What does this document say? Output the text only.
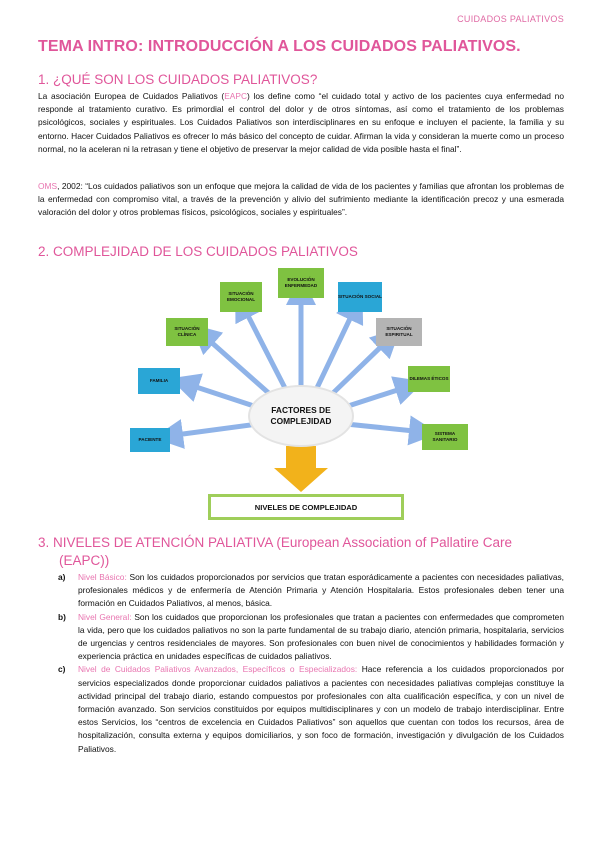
CUIDADOS PALIATIVOS
TEMA INTRO: INTRODUCCIÓN A LOS CUIDADOS PALIATIVOS.
1. ¿QUÉ SON LOS CUIDADOS PALIATIVOS?

La asociación Europea de Cuidados Paliativos (EAPC) los define como “el cuidado total y activo de los pacientes cuya enfermedad no responde al tratamiento curativo. Es primordial el control del dolor y de otros síntomas, así como el tratamiento de los problemas psicológicos, sociales y espirituales. Los Cuidados Paliativos son interdisciplinares en su enfoque e incluyen el paciente, la familia y su entorno. Hacer Cuidados Paliativos es ofrecer lo más básico del concepto de cuidar. Afirman la vida y consideran la muerte como un proceso normal, no la aceleran ni la retrasan y tiene el objetivo de preservar la mejor calidad de vida posible hasta el final”.

OMS, 2002: “Los cuidados paliativos son un enfoque que mejora la calidad de vida de los pacientes y familias que afrontan los problemas de la enfermedad con compromiso vital, a través de la prevención y alivio del sufrimiento mediante la identificación precoz y una esmerada valoración del dolor y otros problemas físicos, psicológicos, sociales y espirituales”.

2. COMPLEJIDAD DE LOS CUIDADOS PALIATIVOS
PACIENTE
FAMILIA
SITUACIÓN CLÍNICA
SITUACIÓN EMOCIONAL
EVOLUCIÓN ENFERMEDAD
SITUACIÓN SOCIAL
SITUACIÓN ESPIRITUAL
DILEMAS ÉTICOS
SISTEMA SANITARIO
FACTORES DE COMPLEJIDAD
NIVELES DE COMPLEJIDAD
3. NIVELES DE ATENCIÓN PALIATIVA (European Association of Pallatire Care
(EAPC))
a) Nivel Básico: Son los cuidados proporcionados por servicios que tratan esporádicamente a pacientes con necesidades paliativas, profesionales médicos y de enfermería de Atención Primaria y Atención Hospitalaria. Estos profesionales deben tener una formación en Cuidados Paliativos, al menos, básica.
b) Nivel General: Son los cuidados que proporcionan los profesionales que tratan a pacientes con enfermedades que comprometen la vida, pero que los cuidados paliativos no son la parte fundamental de su trabajo diario, atención primaria, hospitalaria, servicios de urgencias y centros residenciales de mayores. Son profesionales con buen nivel de conocimientos y habilidades formación y experiencia práctica en unidades específicas de cuidados paliativos.
c) Nivel de Cuidados Paliativos Avanzados, Específicos o Especializados: Hace referencia a los cuidados proporcionados por servicios especializados donde proporcionar cuidados paliativos a pacientes con necesidades paliativas complejas constituye la actividad principal del trabajo diario, estando compuestos por profesionales con alta cualificación específica, y con un nivel de formación avanzado. Son servicios constituidos por equipos multidisciplinares y con un modelo de trabajo interdisciplinar. Entre estos Servicios, los “centros de excelencia en Cuidados Paliativos” son aquellos que cuentan con todos los recursos, área de hospitalización, consulta externa y equipos domiciliarios, y son foco de formación, investigación y divulgación de los Cuidados Paliativos.
